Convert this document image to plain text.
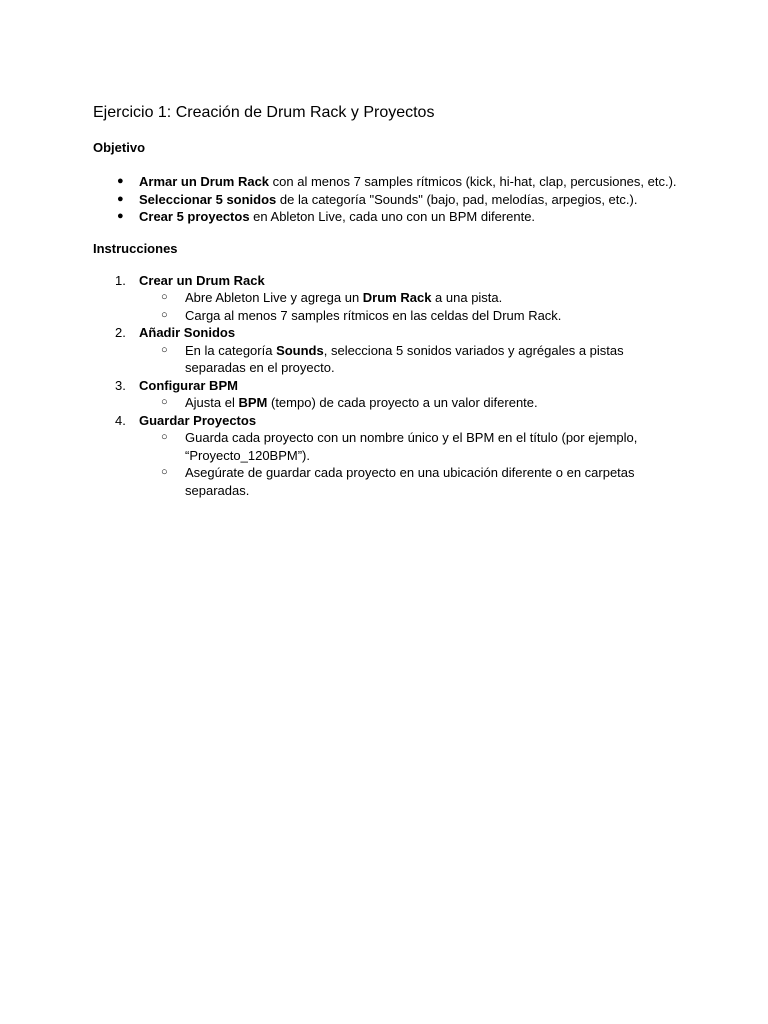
Ejercicio 1: Creación de Drum Rack y Proyectos
Objetivo
●	Armar un Drum Rack con al menos 7 samples rítmicos (kick, hi-hat, clap, percusiones, etc.).
●	Seleccionar 5 sonidos de la categoría "Sounds" (bajo, pad, melodías, arpegios, etc.).
●	Crear 5 proyectos en Ableton Live, cada uno con un BPM diferente.
Instrucciones
1.	Crear un Drum Rack
○ Abre Ableton Live y agrega un Drum Rack a una pista.
○ Carga al menos 7 samples rítmicos en las celdas del Drum Rack.
2.	Añadir Sonidos
○ En la categoría Sounds, selecciona 5 sonidos variados y agrégales a pistas separadas en el proyecto.
3.	Configurar BPM
○ Ajusta el BPM (tempo) de cada proyecto a un valor diferente.
4.	Guardar Proyectos
○ Guarda cada proyecto con un nombre único y el BPM en el título (por ejemplo, “Proyecto_120BPM”).
○ Asegúrate de guardar cada proyecto en una ubicación diferente o en carpetas separadas.
